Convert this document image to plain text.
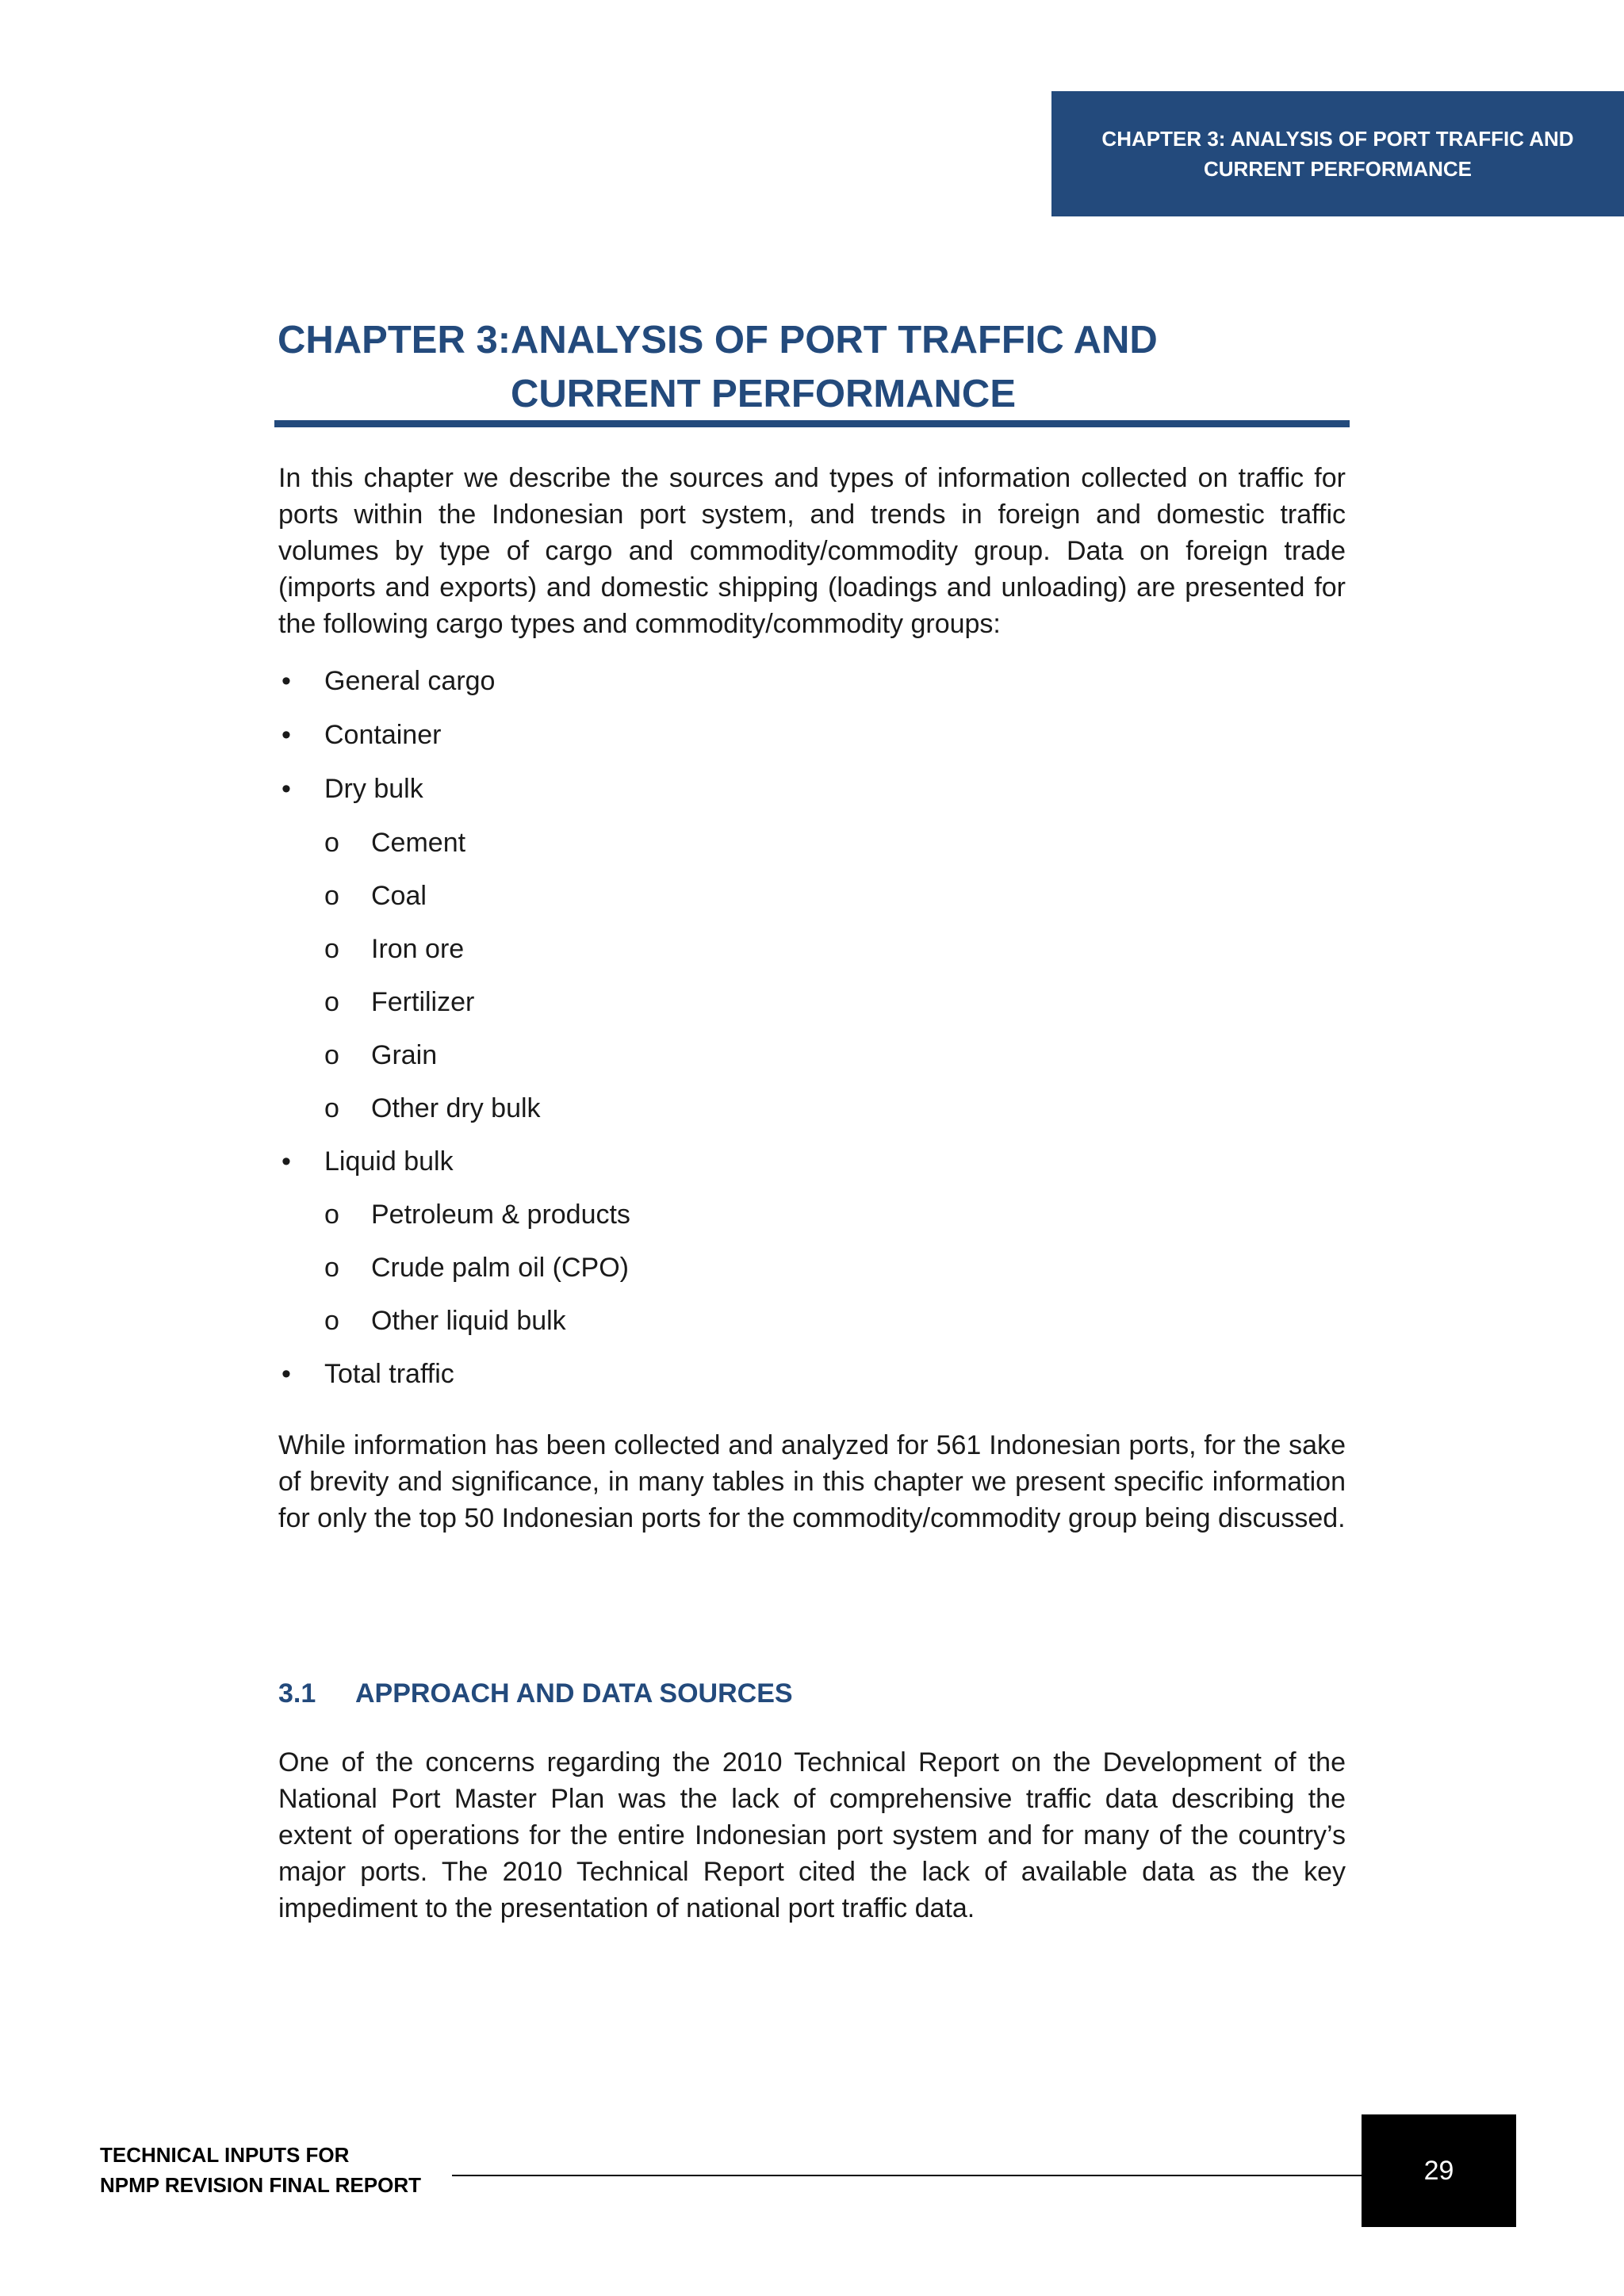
CHAPTER 3: ANALYSIS OF PORT TRAFFIC AND
CURRENT PERFORMANCE
CHAPTER 3: ANALYSIS OF PORT TRAFFIC AND CURRENT PERFORMANCE

In this chapter we describe the sources and types of information collected on traffic for ports within the Indonesian port system, and trends in foreign and domestic traffic volumes by type of cargo and commodity/commodity group. Data on foreign trade (imports and exports) and domestic shipping (loadings and unloading) are presented for the following cargo types and commodity/commodity groups:

• General cargo
• Container
• Dry bulk
o Cement
o Coal
o Iron ore
o Fertilizer
o Grain
o Other dry bulk
• Liquid bulk
o Petroleum & products
o Crude palm oil (CPO)
o Other liquid bulk
• Total traffic

While information has been collected and analyzed for 561 Indonesian ports, for the sake of brevity and significance, in many tables in this chapter we present specific information for only the top 50 Indonesian ports for the commodity/commodity group being discussed.

3.1 APPROACH AND DATA SOURCES

One of the concerns regarding the 2010 Technical Report on the Development of the National Port Master Plan was the lack of comprehensive traffic data describing the extent of operations for the entire Indonesian port system and for many of the country’s major ports. The 2010 Technical Report cited the lack of available data as the key impediment to the presentation of national port traffic data.

TECHNICAL INPUTS FOR
NPMP REVISION FINAL REPORT	29
